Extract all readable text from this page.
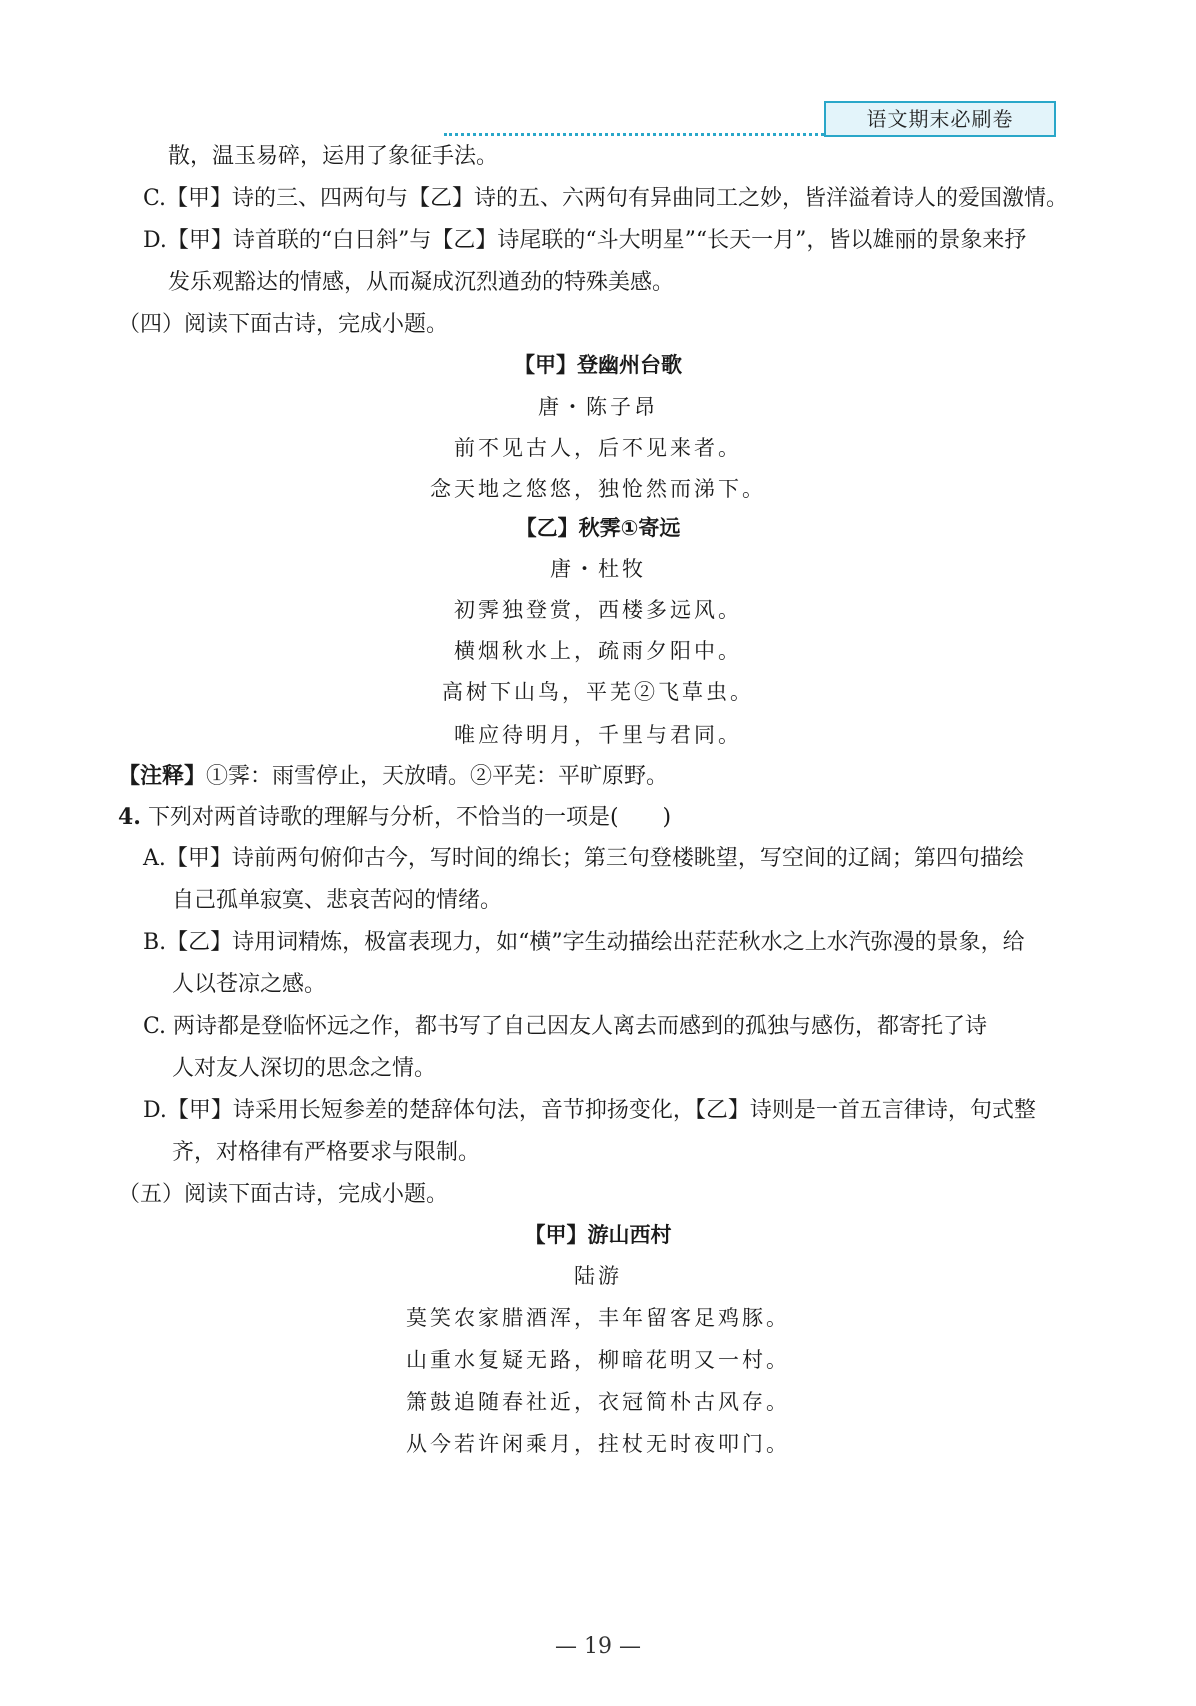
语文期末必刷卷
散，温玉易碎，运用了象征手法。
C.【甲】诗的三、四两句与【乙】诗的五、六两句有异曲同工之妙，皆洋溢着诗人的爱国激情。
D.【甲】诗首联的“白日斜”与【乙】诗尾联的“斗大明星”“长天一月”，皆以雄丽的景象来抒
发乐观豁达的情感，从而凝成沉烈遒劲的特殊美感。
（四）阅读下面古诗，完成小题。
【甲】登幽州台歌
唐・陈子昂
前不见古人，后不见来者。
念天地之悠悠，独怆然而涕下。
【乙】秋霁①寄远
唐・杜牧
初霁独登赏，西楼多远风。
横烟秋水上，疏雨夕阳中。
高树下山鸟，平芜②飞草虫。
唯应待明月，千里与君同。
【注释】①霁：雨雪停止，天放晴。②平芜：平旷原野。
4. 下列对两首诗歌的理解与分析，不恰当的一项是(　　)
A.【甲】诗前两句俯仰古今，写时间的绵长；第三句登楼眺望，写空间的辽阔；第四句描绘
自己孤单寂寞、悲哀苦闷的情绪。
B.【乙】诗用词精炼，极富表现力，如“横”字生动描绘出茫茫秋水之上水汽弥漫的景象，给
人以苍凉之感。
C. 两诗都是登临怀远之作，都书写了自己因友人离去而感到的孤独与感伤，都寄托了诗
人对友人深切的思念之情。
D.【甲】诗采用长短参差的楚辞体句法，音节抑扬变化，【乙】诗则是一首五言律诗，句式整
齐，对格律有严格要求与限制。
（五）阅读下面古诗，完成小题。
【甲】游山西村
陆游
莫笑农家腊酒浑，丰年留客足鸡豚。
山重水复疑无路，柳暗花明又一村。
箫鼓追随春社近，衣冠简朴古风存。
从今若许闲乘月，拄杖无时夜叩门。
— 19 —
